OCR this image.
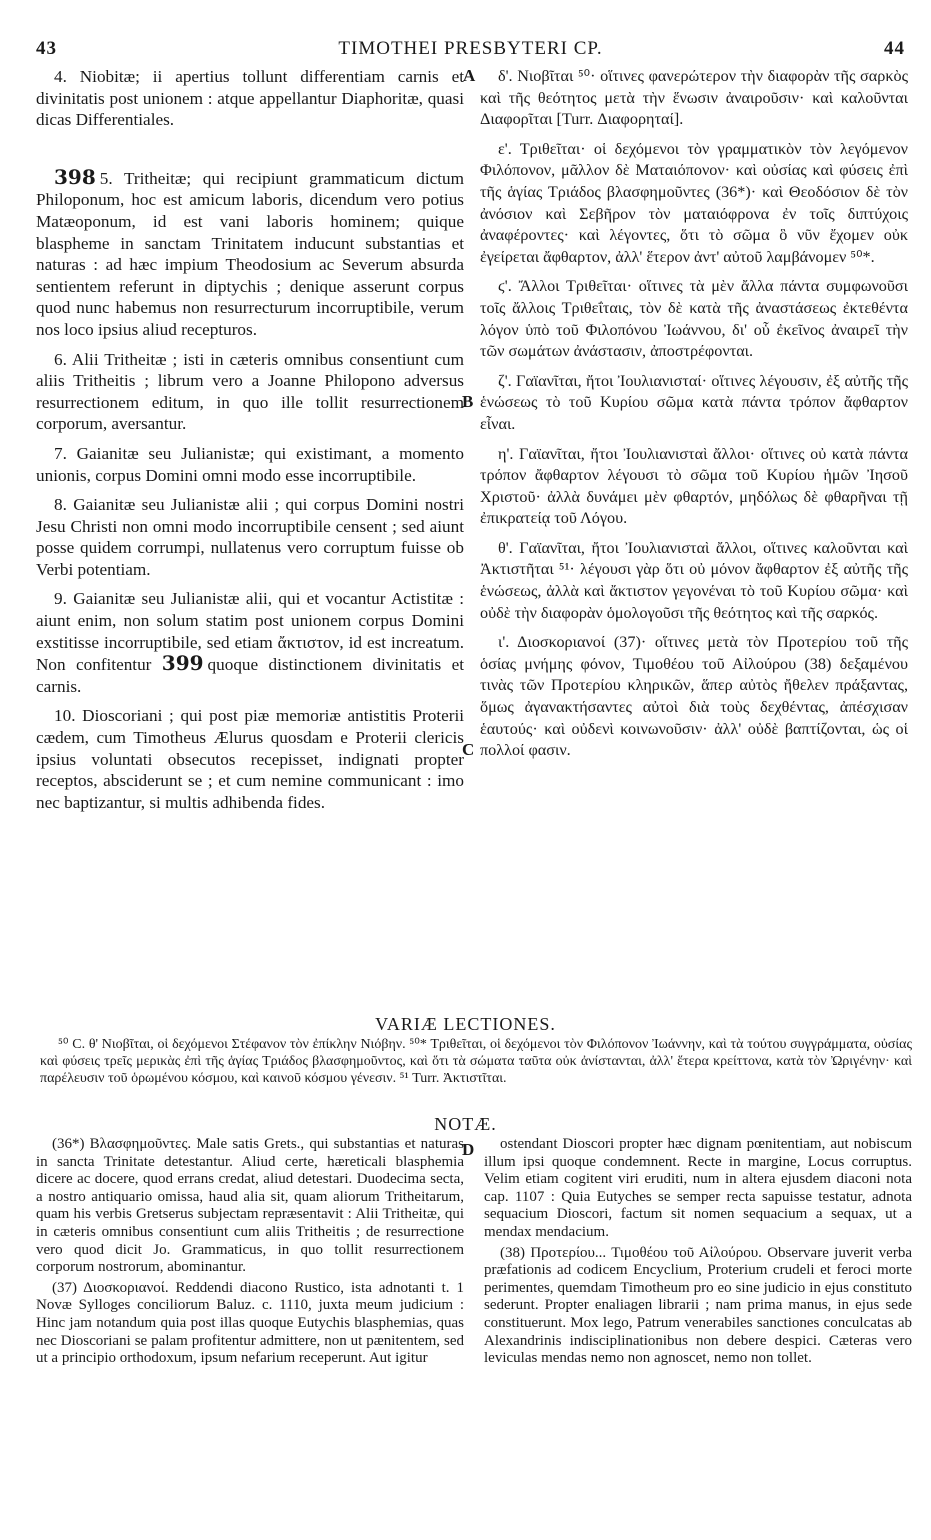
43	TIMOTHEI PRESBYTERI CP.	44
A
B
C
D

4. Niobitæ; ii apertius tollunt differentiam carnis et divinitatis post unionem : atque appellantur Diaphoritæ, quasi dicas Differentiales.

398 5. Tritheitæ; qui recipiunt grammaticum dictum Philoponum, hoc est amicum laboris, dicendum vero potius Matæoponum, id est vani laboris hominem; quique blaspheme in sanctam Trinitatem inducunt substantias et naturas : ad hæc impium Theodosium ac Severum absurda sentientem referunt in diptychis ; denique asserunt corpus quod nunc habemus non resurrecturum incorruptibile, verum nos loco ipsius aliud recepturos.

6. Alii Tritheitæ ; isti in cæteris omnibus consentiunt cum aliis Tritheitis ; librum vero a Joanne Philopono adversus resurrectionem editum, in quo ille tollit resurrectionem corporum, aversantur.

7. Gaianitæ seu Julianistæ; qui existimant, a momento unionis, corpus Domini omni modo esse incorruptibile.

8. Gaianitæ seu Julianistæ alii ; qui corpus Domini nostri Jesu Christi non omni modo incorruptibile censent ; sed aiunt posse quidem corrumpi, nullatenus vero corruptum fuisse ob Verbi potentiam.

9. Gaianitæ seu Julianistæ alii, qui et vocantur Actistitæ : aiunt enim, non solum statim post unionem corpus Domini exstitisse incorruptibile, sed etiam ἄκτιστον, id est increatum. Non confitentur 399 quoque distinctionem divinitatis et carnis.

10. Dioscoriani ; qui post piæ memoriæ antistitis Proterii cædem, cum Timotheus Ælurus quosdam e Proterii clericis ipsius voluntati obsecutos recepisset, indignati propter receptos, absciderunt se ; et cum nemine communicant : imo nec baptizantur, si multis adhibenda fides.

δ'. Νιοβῖται ⁵⁰· οἵτινες φανερώτερον τὴν διαφορὰν τῆς σαρκὸς καὶ τῆς θεότητος μετὰ τὴν ἕνωσιν ἀναιροῦσιν· καὶ καλοῦνται Διαφορῖται [Turr. Διαφορηταί].

ε'. Τριθεῖται· οἱ δεχόμενοι τὸν γραμματικὸν τὸν λεγόμενον Φιλόπονον, μᾶλλον δὲ Ματαιόπονον· καὶ οὐσίας καὶ φύσεις ἐπὶ τῆς ἁγίας Τριάδος βλασφημοῦντες (36*)· καὶ Θεοδόσιον δὲ τὸν ἀνόσιον καὶ Σεβῆρον τὸν ματαιόφρονα ἐν τοῖς διπτύχοις ἀναφέροντες· καὶ λέγοντες, ὅτι τὸ σῶμα ὃ νῦν ἔχομεν οὐκ ἐγείρεται ἄφθαρτον, ἀλλ' ἕτερον ἀντ' αὐτοῦ λαμβάνομεν ⁵⁰*.

ϛ'. Ἄλλοι Τριθεῖται· οἵτινες τὰ μὲν ἄλλα πάντα συμφωνοῦσι τοῖς ἄλλοις Τριθεΐταις, τὸν δὲ κατὰ τῆς ἀναστάσεως ἐκτεθέντα λόγον ὑπὸ τοῦ Φιλοπόνου Ἰωάννου, δι' οὗ ἐκεῖνος ἀναιρεῖ τὴν τῶν σωμάτων ἀνάστασιν, ἀποστρέφονται.

ζ'. Γαϊανῖται, ἤτοι Ἰουλιανισταί· οἵτινες λέγουσιν, ἐξ αὐτῆς τῆς ἑνώσεως τὸ τοῦ Κυρίου σῶμα κατὰ πάντα τρόπον ἄφθαρτον εἶναι.

η'. Γαϊανῖται, ἤτοι Ἰουλιανισταὶ ἄλλοι· οἵτινες οὐ κατὰ πάντα τρόπον ἄφθαρτον λέγουσι τὸ σῶμα τοῦ Κυρίου ἡμῶν Ἰησοῦ Χριστοῦ· ἀλλὰ δυνάμει μὲν φθαρτόν, μηδόλως δὲ φθαρῆναι τῇ ἐπικρατείᾳ τοῦ Λόγου.

θ'. Γαϊανῖται, ἤτοι Ἰουλιανισταὶ ἄλλοι, οἵτινες καλοῦνται καὶ Ἀκτιστῆται ⁵¹· λέγουσι γὰρ ὅτι οὐ μόνον ἄφθαρτον ἐξ αὐτῆς τῆς ἑνώσεως, ἀλλὰ καὶ ἄκτιστον γεγονέναι τὸ τοῦ Κυρίου σῶμα· καὶ οὐδὲ τὴν διαφορὰν ὁμολογοῦσι τῆς θεότητος καὶ τῆς σαρκός.

ι'. Διοσκοριανοί (37)· οἵτινες μετὰ τὸν Προτερίου τοῦ τῆς ὁσίας μνήμης φόνον, Τιμοθέου τοῦ Αἰλούρου (38) δεξαμένου τινὰς τῶν Προτερίου κληρικῶν, ἅπερ αὐτὸς ἤθελεν πράξαντας, ὅμως ἀγανακτήσαντες αὐτοὶ διὰ τοὺς δεχθέντας, ἀπέσχισαν ἑαυτούς· καὶ οὐδενὶ κοινωνοῦσιν· ἀλλ' οὐδὲ βαπτίζονται, ὡς οἱ πολλοί φασιν.

VARIÆ LECTIONES.

⁵⁰ C. θ' Νιοβῖται, οἱ δεχόμενοι Στέφανον τὸν ἐπίκλην Νιόβην. ⁵⁰* Τριθεῖται, οἱ δεχόμενοι τὸν Φιλόπονον Ἰωάννην, καὶ τὰ τούτου συγγράμματα, οὐσίας καὶ φύσεις τρεῖς μερικὰς ἐπὶ τῆς ἁγίας Τριάδος βλασφημοῦντος, καὶ ὅτι τὰ σώματα ταῦτα οὐκ ἀνίστανται, ἀλλ' ἕτερα κρείττονα, κατὰ τὸν Ὠριγένην· καὶ παρέλευσιν τοῦ ὁρωμένου κόσμου, καὶ καινοῦ κόσμου γένεσιν. ⁵¹ Turr. Ἀκτιστῖται.

NOTÆ.

(36*) Βλασφημοῦντες. Male satis Grets., qui substantias et naturas in sancta Trinitate detestantur. Aliud certe, hæreticali blasphemia dicere ac docere, quod errans credat, aliud detestari. Duodecima secta, a nostro antiquario omissa, haud alia sit, quam aliorum Tritheitarum, quam his verbis Gretserus subjectam repræsentavit : Alii Tritheitæ, qui in cæteris omnibus consentiunt cum aliis Tritheitis ; de resurrectione vero quod dicit Jo. Grammaticus, in quo tollit resurrectionem corporum nostrorum, abominantur.

(37) Διοσκοριανοί. Reddendi diacono Rustico, ista adnotanti t. 1 Novæ Sylloges conciliorum Baluz. c. 1110, juxta meum judicium : Hinc jam notandum quia post illas quoque Eutychis blasphemias, quas nec Dioscoriani se palam profitentur admittere, non ut pænitentem, sed ut a principio orthodoxum, ipsum nefarium receperunt. Aut igitur

ostendant Dioscori propter hæc dignam pœnitentiam, aut nobiscum illum ipsi quoque condemnent. Recte in margine, Locus corruptus. Velim etiam cogitent viri eruditi, num in altera ejusdem diaconi nota cap. 1107 : Quia Eutyches se semper recta sapuisse testatur, adnota sequacium Dioscori, factum sit nomen sequacium a sequax, ut a mendax mendacium.

(38) Προτερίου... Τιμοθέου τοῦ Αἰλούρου. Observare juverit verba præfationis ad codicem Encyclium, Proterium crudeli et feroci morte perimentes, quemdam Timotheum pro eo sine judicio in ejus constituto sederunt. Propter enaliagen librarii ; nam prima manus, in ejus sede constituerunt. Mox lego, Patrum venerabiles sanctiones conculcatas ab Alexandrinis indisciplinationibus non debere despici. Cæteras vero leviculas mendas nemo non agnoscet, nemo non tollet.
